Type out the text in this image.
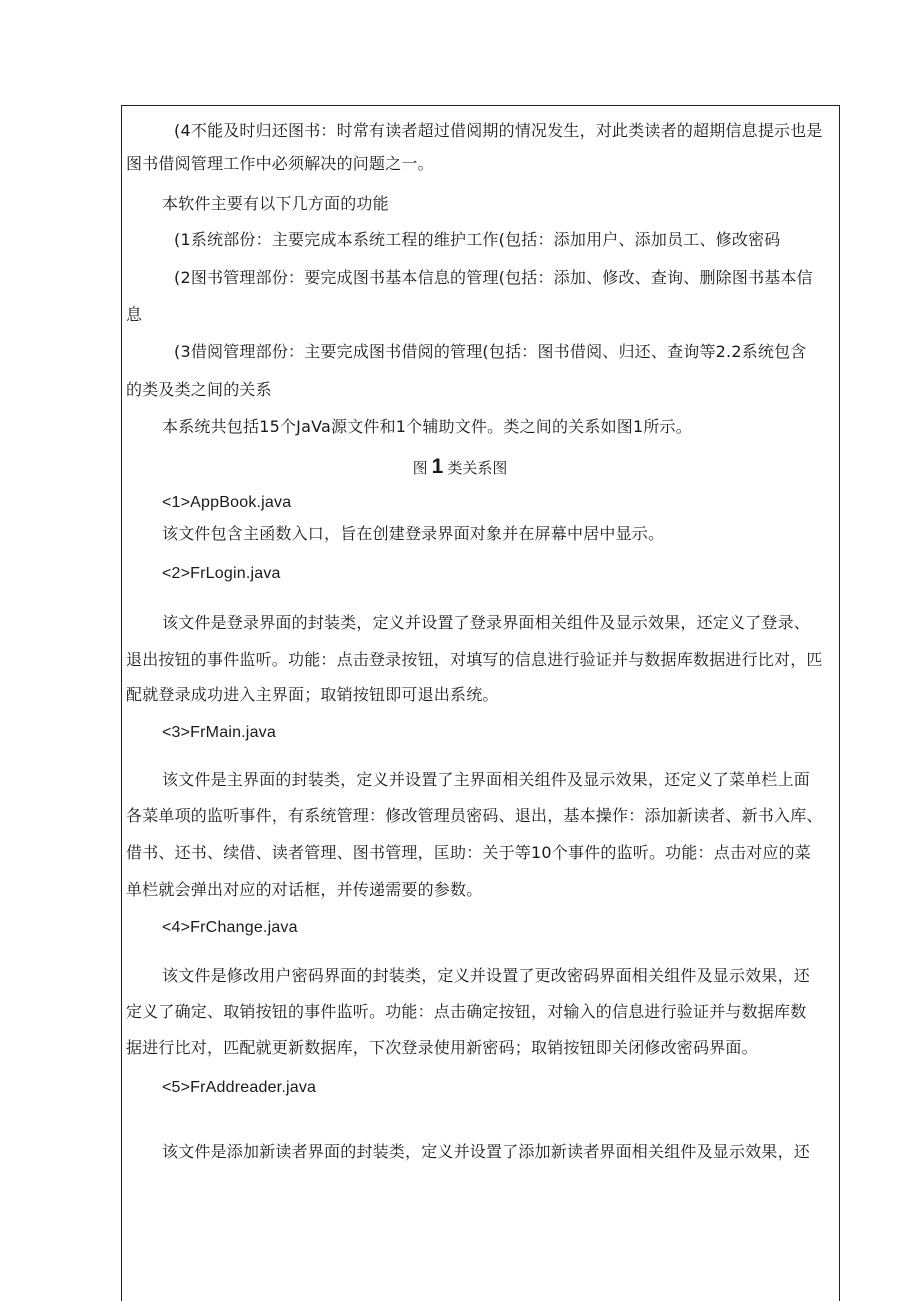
(4不能及时归还图书：时常有读者超过借阅期的情况发生，对此类读者的超期信息提示也是
图书借阅管理工作中必须解决的问题之一。
本软件主要有以下几方面的功能
(1系统部份：主要完成本系统工程的维护工作(包括：添加用户、添加员工、修改密码
(2图书管理部份：要完成图书基本信息的管理(包括：添加、修改、查询、删除图书基本信
息
(3借阅管理部份：主要完成图书借阅的管理(包括：图书借阅、归还、查询等2.2系统包含
的类及类之间的关系
本系统共包括15个JaVa源文件和1个辅助文件。类之间的关系如图1所示。
图 1 类关系图
<1>AppBook.java
该文件包含主函数入口，旨在创建登录界面对象并在屏幕中居中显示。
<2>FrLogin.java
该文件是登录界面的封装类，定义并设置了登录界面相关组件及显示效果，还定义了登录、
退出按钮的事件监听。功能：点击登录按钮，对填写的信息进行验证并与数据库数据进行比对，匹
配就登录成功进入主界面；取销按钮即可退出系统。
<3>FrMain.java
该文件是主界面的封装类，定义并设置了主界面相关组件及显示效果，还定义了菜单栏上面
各菜单项的监听事件，有系统管理：修改管理员密码、退出，基本操作：添加新读者、新书入库、
借书、还书、续借、读者管理、图书管理，匡助：关于等10个事件的监听。功能：点击对应的菜
单栏就会弹出对应的对话框，并传递需要的参数。
<4>FrChange.java
该文件是修改用户密码界面的封装类，定义并设置了更改密码界面相关组件及显示效果，还
定义了确定、取销按钮的事件监听。功能：点击确定按钮，对输入的信息进行验证并与数据库数
据进行比对，匹配就更新数据库，下次登录使用新密码；取销按钮即关闭修改密码界面。
<5>FrAddreader.java
该文件是添加新读者界面的封装类，定义并设置了添加新读者界面相关组件及显示效果，还
